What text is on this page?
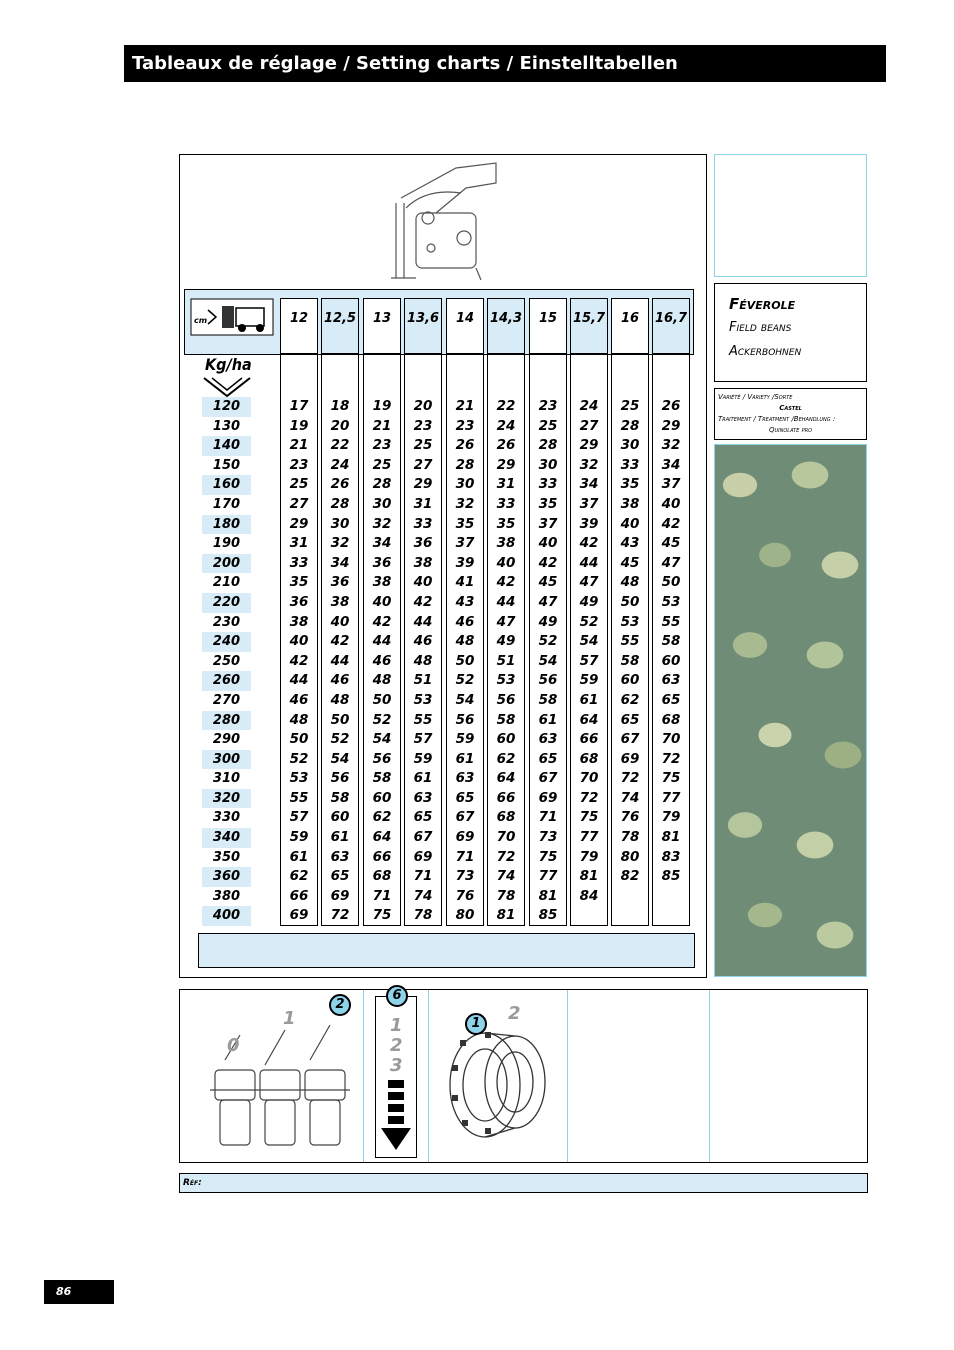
Tableaux de réglage / Setting charts / Einstelltabellen
Féverole
Field beans
Ackerbohnen
Variété / Variety /Sorte
Castel
Traitement / Treatment /Behandlung :
Quinolate pro
cm
Kg/ha
12
17
19
21
23
25
27
29
31
33
35
36
38
40
42
44
46
48
50
52
53
55
57
59
61
62
66
69
12,5
18
20
22
24
26
28
30
32
34
36
38
40
42
44
46
48
50
52
54
56
58
60
61
63
65
69
72
13
19
21
23
25
28
30
32
34
36
38
40
42
44
46
48
50
52
54
56
58
60
62
64
66
68
71
75
13,6
20
23
25
27
29
31
33
36
38
40
42
44
46
48
51
53
55
57
59
61
63
65
67
69
71
74
78
14
21
23
26
28
30
32
35
37
39
41
43
46
48
50
52
54
56
59
61
63
65
67
69
71
73
76
80
14,3
22
24
26
29
31
33
35
38
40
42
44
47
49
51
53
56
58
60
62
64
66
68
70
72
74
78
81
15
23
25
28
30
33
35
37
40
42
45
47
49
52
54
56
58
61
63
65
67
69
71
73
75
77
81
85
15,7
24
27
29
32
34
37
39
42
44
47
49
52
54
57
59
61
64
66
68
70
72
75
77
79
81
84
16
25
28
30
33
35
38
40
43
45
48
50
53
55
58
60
62
65
67
69
72
74
76
78
80
82
16,7
26
29
32
34
37
40
42
45
47
50
53
55
58
60
63
65
68
70
72
75
77
79
81
83
85
120
130
140
150
160
170
180
190
200
210
220
230
240
250
260
270
280
290
300
310
320
330
340
350
360
380
400
0
1
2
6
1
2
3
1	2
Réf:
86
